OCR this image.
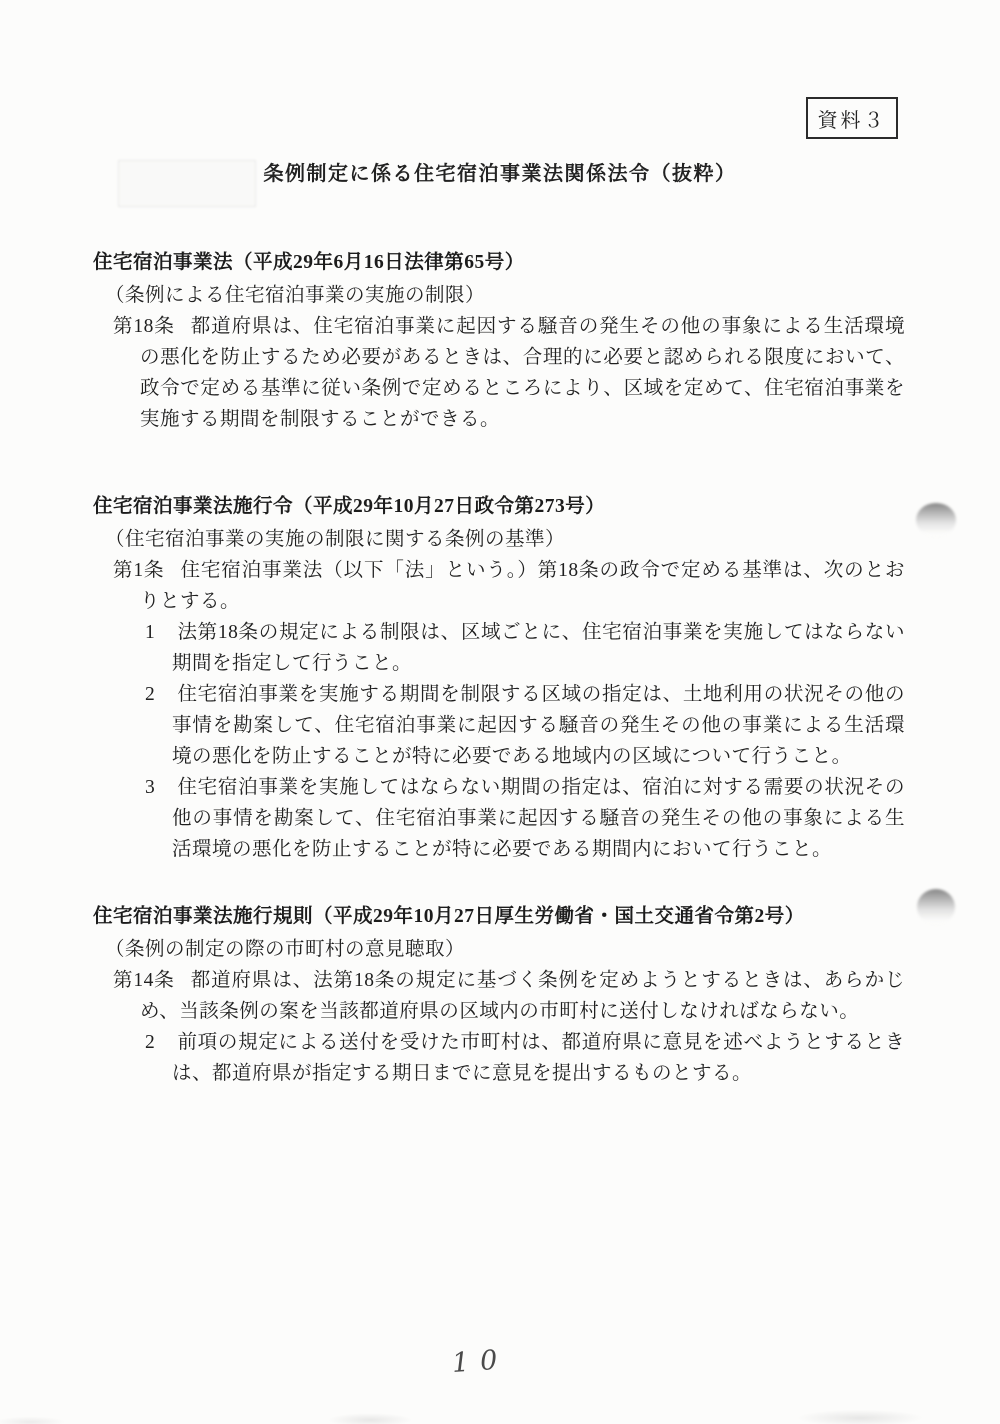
資料３
条例制定に係る住宅宿泊事業法関係法令（抜粋）
住宅宿泊事業法（平成29年6月16日法律第65号）
（条例による住宅宿泊事業の実施の制限）
第18条 都道府県は、住宅宿泊事業に起因する騒音の発生その他の事象による生活環境の悪化を防止するため必要があるときは、合理的に必要と認められる限度において、政令で定める基準に従い条例で定めるところにより、区域を定めて、住宅宿泊事業を実施する期間を制限することができる。
住宅宿泊事業法施行令（平成29年10月27日政令第273号）
（住宅宿泊事業の実施の制限に関する条例の基準）
第1条 住宅宿泊事業法（以下「法」という。）第18条の政令で定める基準は、次のとおりとする。
1 法第18条の規定による制限は、区域ごとに、住宅宿泊事業を実施してはならない期間を指定して行うこと。
2 住宅宿泊事業を実施する期間を制限する区域の指定は、土地利用の状況その他の事情を勘案して、住宅宿泊事業に起因する騒音の発生その他の事業による生活環境の悪化を防止することが特に必要である地域内の区域について行うこと。
3 住宅宿泊事業を実施してはならない期間の指定は、宿泊に対する需要の状況その他の事情を勘案して、住宅宿泊事業に起因する騒音の発生その他の事象による生活環境の悪化を防止することが特に必要である期間内において行うこと。
住宅宿泊事業法施行規則（平成29年10月27日厚生労働省・国土交通省令第2号）
（条例の制定の際の市町村の意見聴取）
第14条 都道府県は、法第18条の規定に基づく条例を定めようとするときは、あらかじめ、当該条例の案を当該都道府県の区域内の市町村に送付しなければならない。
2 前項の規定による送付を受けた市町村は、都道府県に意見を述べようとするときは、都道府県が指定する期日までに意見を提出するものとする。
10
